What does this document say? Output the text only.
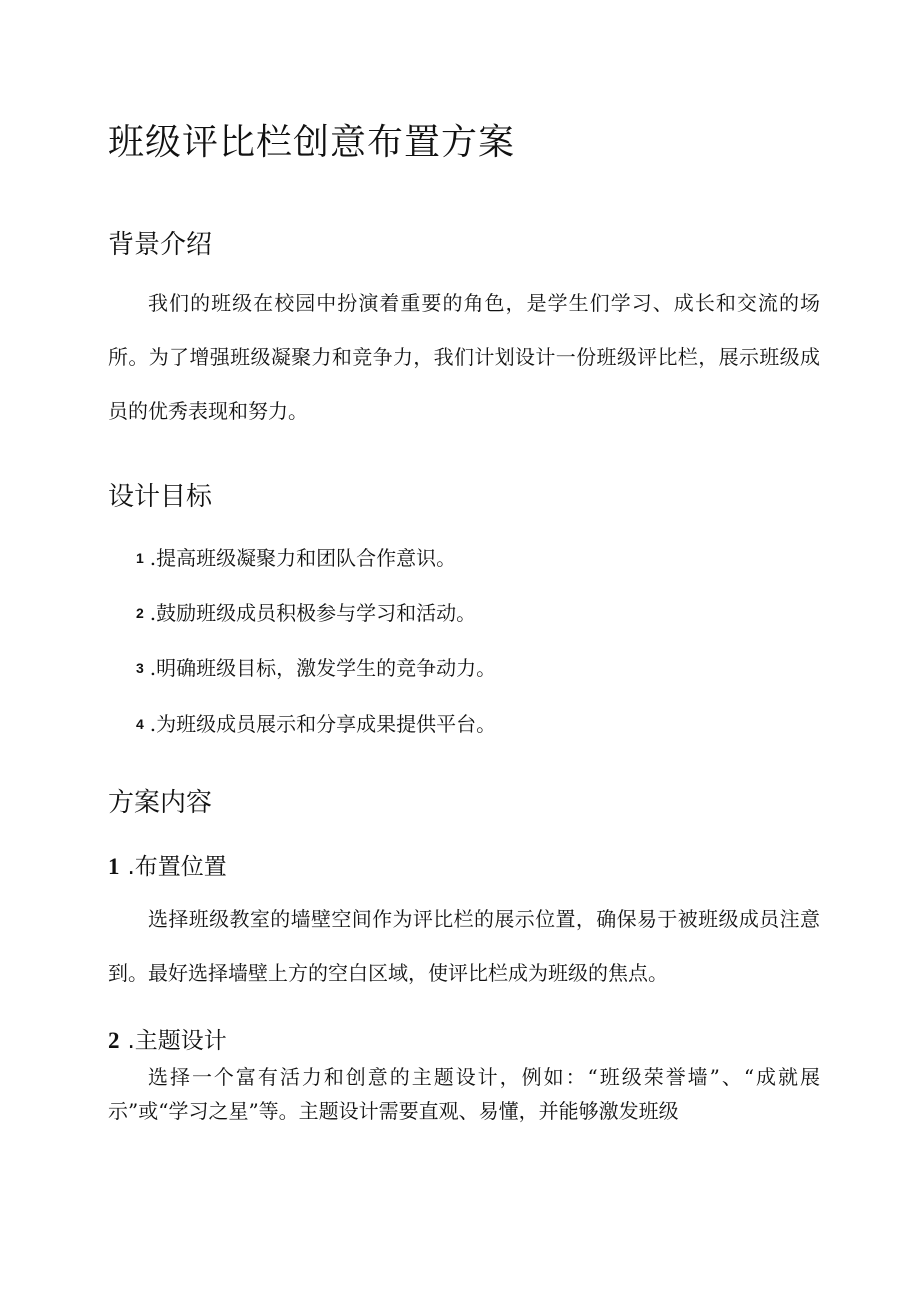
班级评比栏创意布置方案
背景介绍

我们的班级在校园中扮演着重要的角色，是学生们学习、成长和交流的场所。为了增强班级凝聚力和竞争力，我们计划设计一份班级评比栏，展示班级成员的优秀表现和努力。

设计目标
1 .提高班级凝聚力和团队合作意识。
2 .鼓励班级成员积极参与学习和活动。
3 .明确班级目标，激发学生的竞争动力。
4 .为班级成员展示和分享成果提供平台。
方案内容
1 .布置位置

选择班级教室的墙壁空间作为评比栏的展示位置，确保易于被班级成员注意到。最好选择墙壁上方的空白区域，使评比栏成为班级的焦点。

2 .主题设计

选择一个富有活力和创意的主题设计，例如：“班级荣誉墙”、“成就展示”或“学习之星”等。主题设计需要直观、易懂，并能够激发班级
